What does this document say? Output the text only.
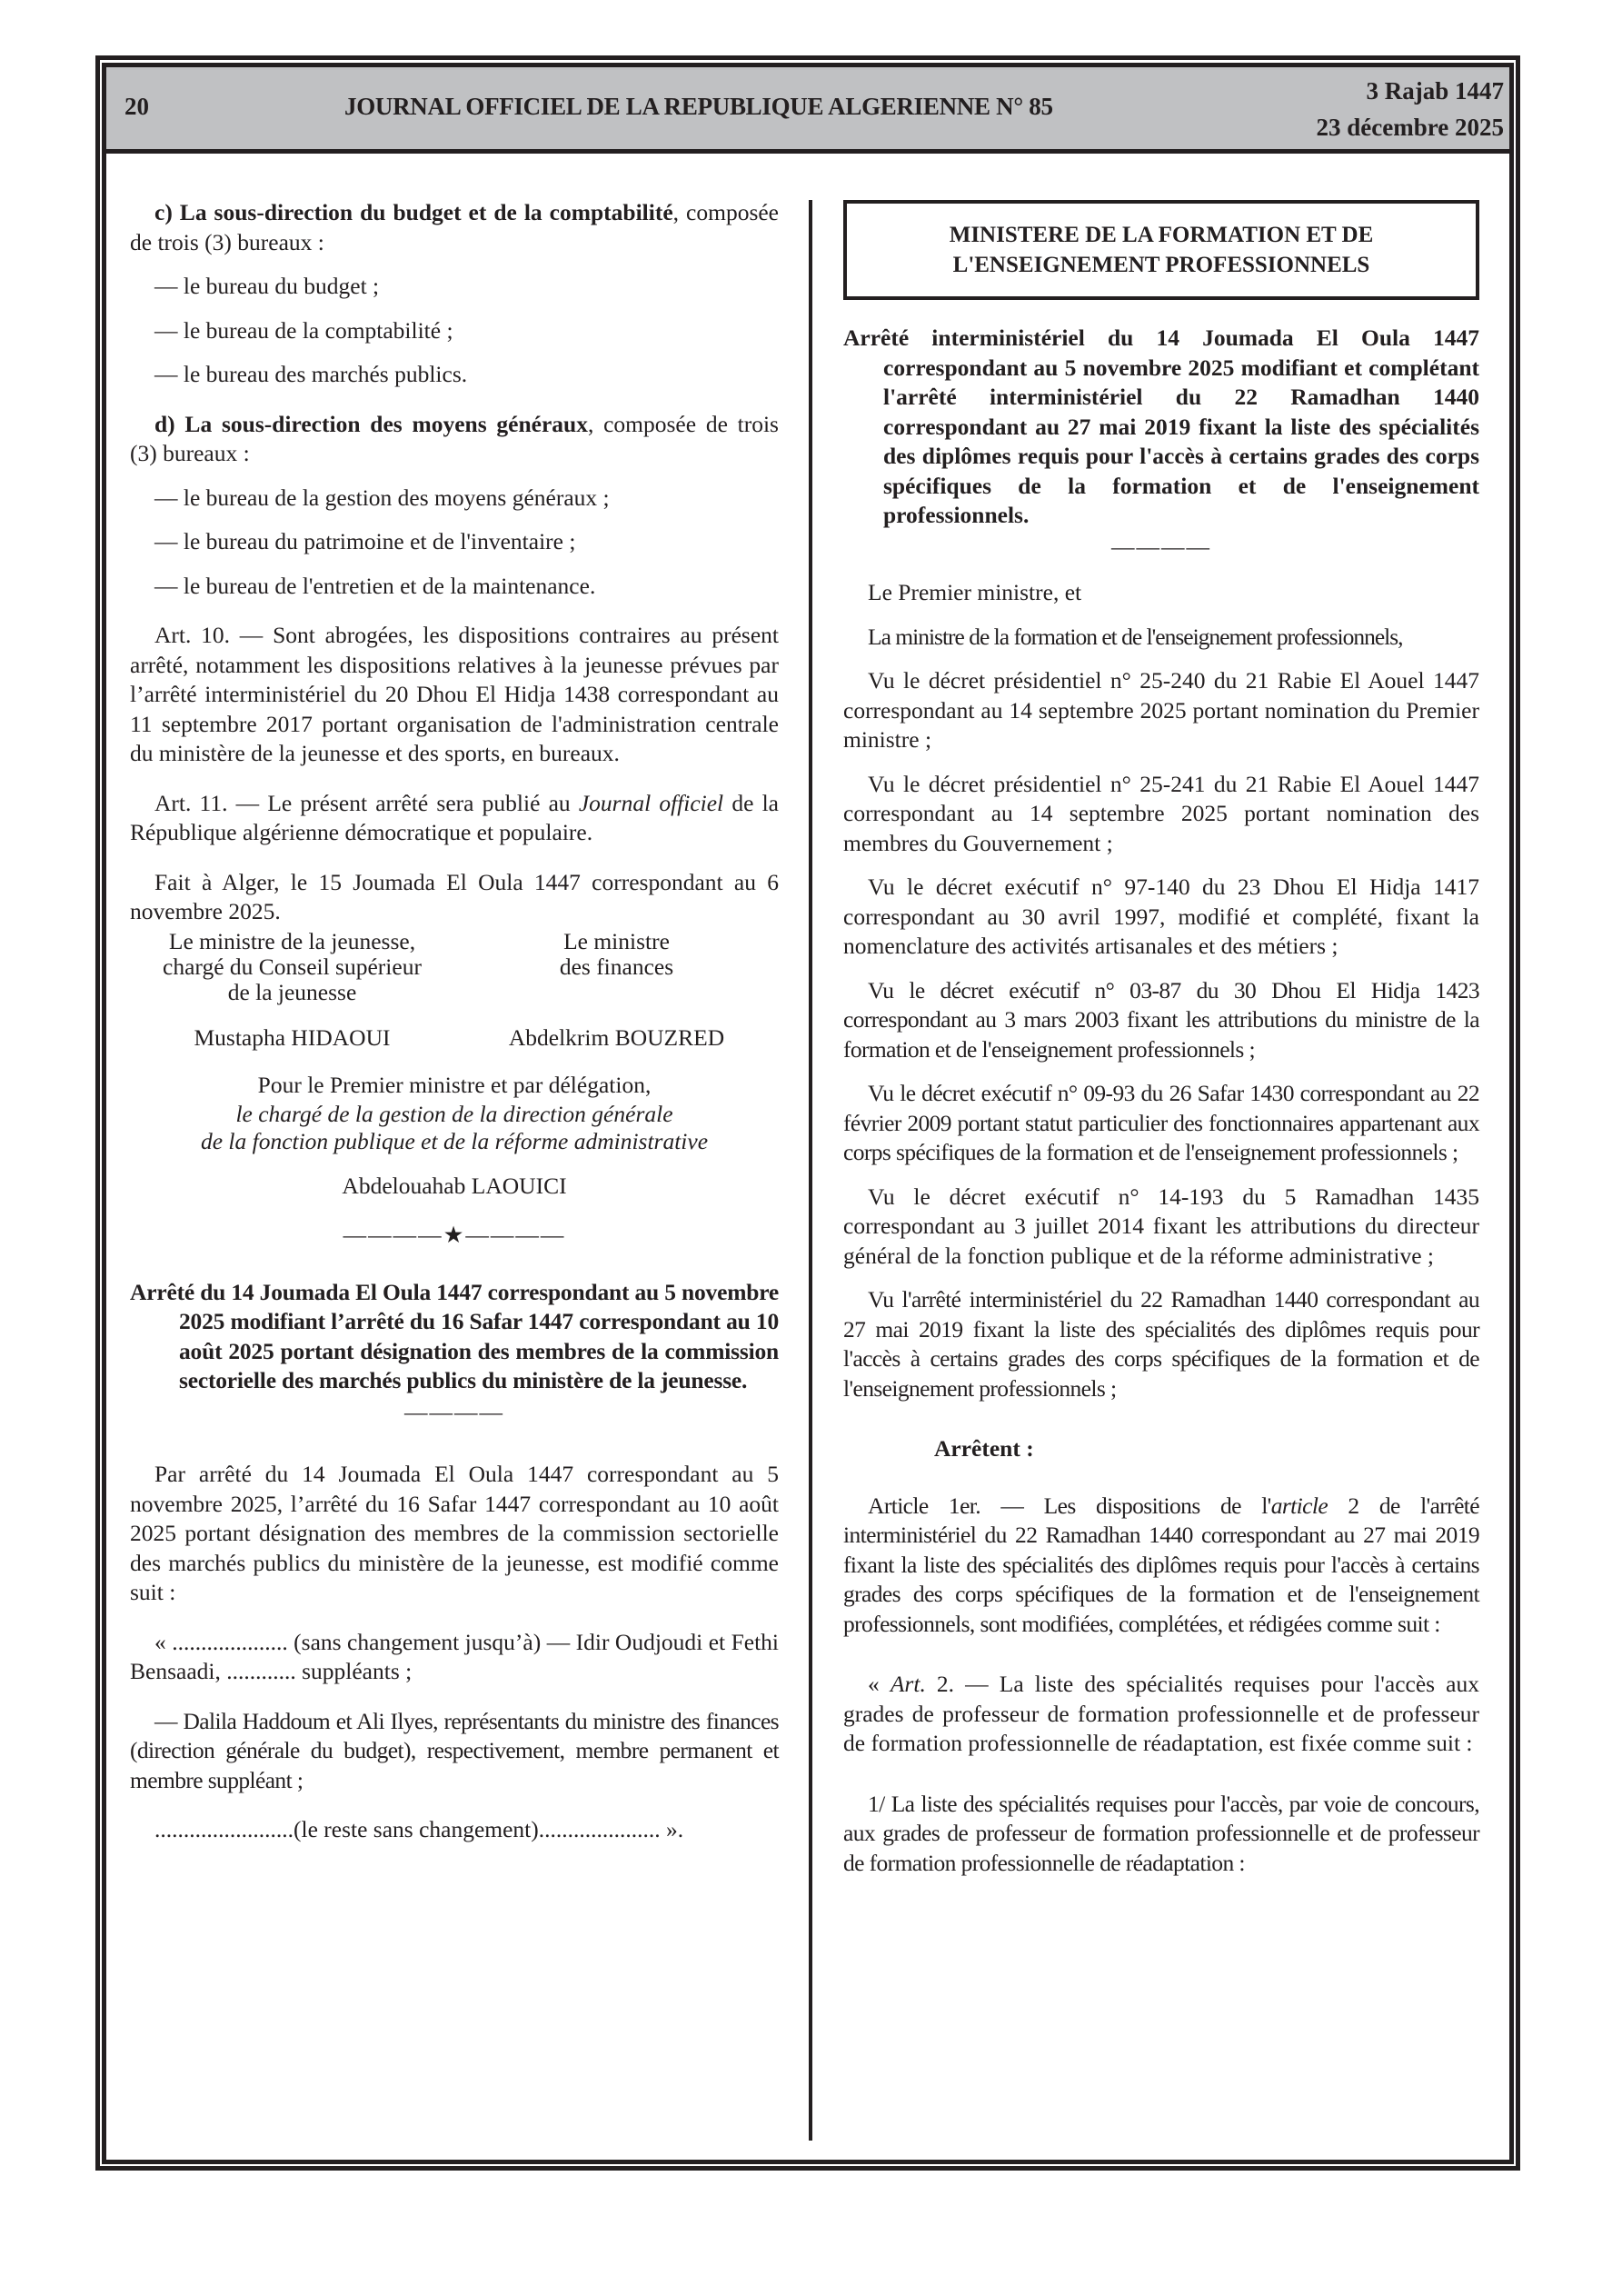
20	JOURNAL OFFICIEL DE LA REPUBLIQUE ALGERIENNE N° 85
3 Rajab 1447
23 décembre 2025

c) La sous-direction du budget et de la comptabilité, composée de trois (3) bureaux :

— le bureau du budget ;

— le bureau de la comptabilité ;

— le bureau des marchés publics.

d) La sous-direction des moyens généraux, composée de trois (3) bureaux :

— le bureau de la gestion des moyens généraux ;

— le bureau du patrimoine et de l'inventaire ;

— le bureau de l'entretien et de la maintenance.

Art. 10. — Sont abrogées, les dispositions contraires au présent arrêté, notamment les dispositions relatives à la jeunesse prévues par l’arrêté interministériel du 20 Dhou El Hidja 1438 correspondant au 11 septembre 2017 portant organisation de l'administration centrale du ministère de la jeunesse et des sports, en bureaux.

Art. 11. — Le présent arrêté sera publié au Journal officiel de la République algérienne démocratique et populaire.

Fait à Alger, le 15 Joumada El Oula 1447 correspondant au 6 novembre 2025.

Le ministre de la jeunesse,
chargé du Conseil supérieur
de la jeunesse
Le ministre
des finances
Mustapha HIDAOUI	Abdelkrim BOUZRED

Pour le Premier ministre et par délégation,

le chargé de la gestion de la direction générale

de la fonction publique et de la réforme administrative

Abdelouahab LAOUICI

————★————

Arrêté du 14 Joumada El Oula 1447 correspondant au 5 novembre 2025 modifiant l’arrêté du 16 Safar 1447 correspondant au 10 août 2025 portant désignation des membres de la commission sectorielle des marchés publics du ministère de la jeunesse.

————

Par arrêté du 14 Joumada El Oula 1447 correspondant au 5 novembre 2025, l’arrêté du 16 Safar 1447 correspondant au 10 août 2025 portant désignation des membres de la commission sectorielle des marchés publics du ministère de la jeunesse, est modifié comme suit :

« .................... (sans changement jusqu’à) — Idir Oudjoudi et Fethi Bensaadi, ............ suppléants ;

— Dalila Haddoum et Ali Ilyes, représentants du ministre des finances (direction générale du budget), respectivement, membre permanent et membre suppléant ;

........................(le reste sans changement)..................... ».

MINISTERE DE LA FORMATION ET DE
L'ENSEIGNEMENT PROFESSIONNELS

Arrêté interministériel du 14 Joumada El Oula 1447 correspondant au 5 novembre 2025 modifiant et complétant l'arrêté interministériel du 22 Ramadhan 1440 correspondant au 27 mai 2019 fixant la liste des spécialités des diplômes requis pour l'accès à certains grades des corps spécifiques de la formation et de l'enseignement professionnels.

————

Le Premier ministre, et

La ministre de la formation et de l'enseignement professionnels,

Vu le décret présidentiel n° 25-240 du 21 Rabie El Aouel 1447 correspondant au 14 septembre 2025 portant nomination du Premier ministre ;

Vu le décret présidentiel n° 25-241 du 21 Rabie El Aouel 1447 correspondant au 14 septembre 2025 portant nomination des membres du Gouvernement ;

Vu le décret exécutif n° 97-140 du 23 Dhou El Hidja 1417 correspondant au 30 avril 1997, modifié et complété, fixant la nomenclature des activités artisanales et des métiers ;

Vu le décret exécutif n° 03-87 du 30 Dhou El Hidja 1423 correspondant au 3 mars 2003 fixant les attributions du ministre de la formation et de l'enseignement professionnels ;

Vu le décret exécutif n° 09-93 du 26 Safar 1430 correspondant au 22 février 2009 portant statut particulier des fonctionnaires appartenant aux corps spécifiques de la formation et de l'enseignement professionnels ;

Vu le décret exécutif n° 14-193 du 5 Ramadhan 1435 correspondant au 3 juillet 2014 fixant les attributions du directeur général de la fonction publique et de la réforme administrative ;

Vu l'arrêté interministériel du 22 Ramadhan 1440 correspondant au 27 mai 2019 fixant la liste des spécialités des diplômes requis pour l'accès à certains grades des corps spécifiques de la formation et de l'enseignement professionnels ;

Arrêtent :

Article 1er. — Les dispositions de l'article 2 de l'arrêté interministériel du 22 Ramadhan 1440 correspondant au 27 mai 2019 fixant la liste des spécialités des diplômes requis pour l'accès à certains grades des corps spécifiques de la formation et de l'enseignement professionnels, sont modifiées, complétées, et rédigées comme suit :

« Art. 2. — La liste des spécialités requises pour l'accès aux grades de professeur de formation professionnelle et de professeur de formation professionnelle de réadaptation, est fixée comme suit :

1/ La liste des spécialités requises pour l'accès, par voie de concours, aux grades de professeur de formation professionnelle et de professeur de formation professionnelle de réadaptation :
